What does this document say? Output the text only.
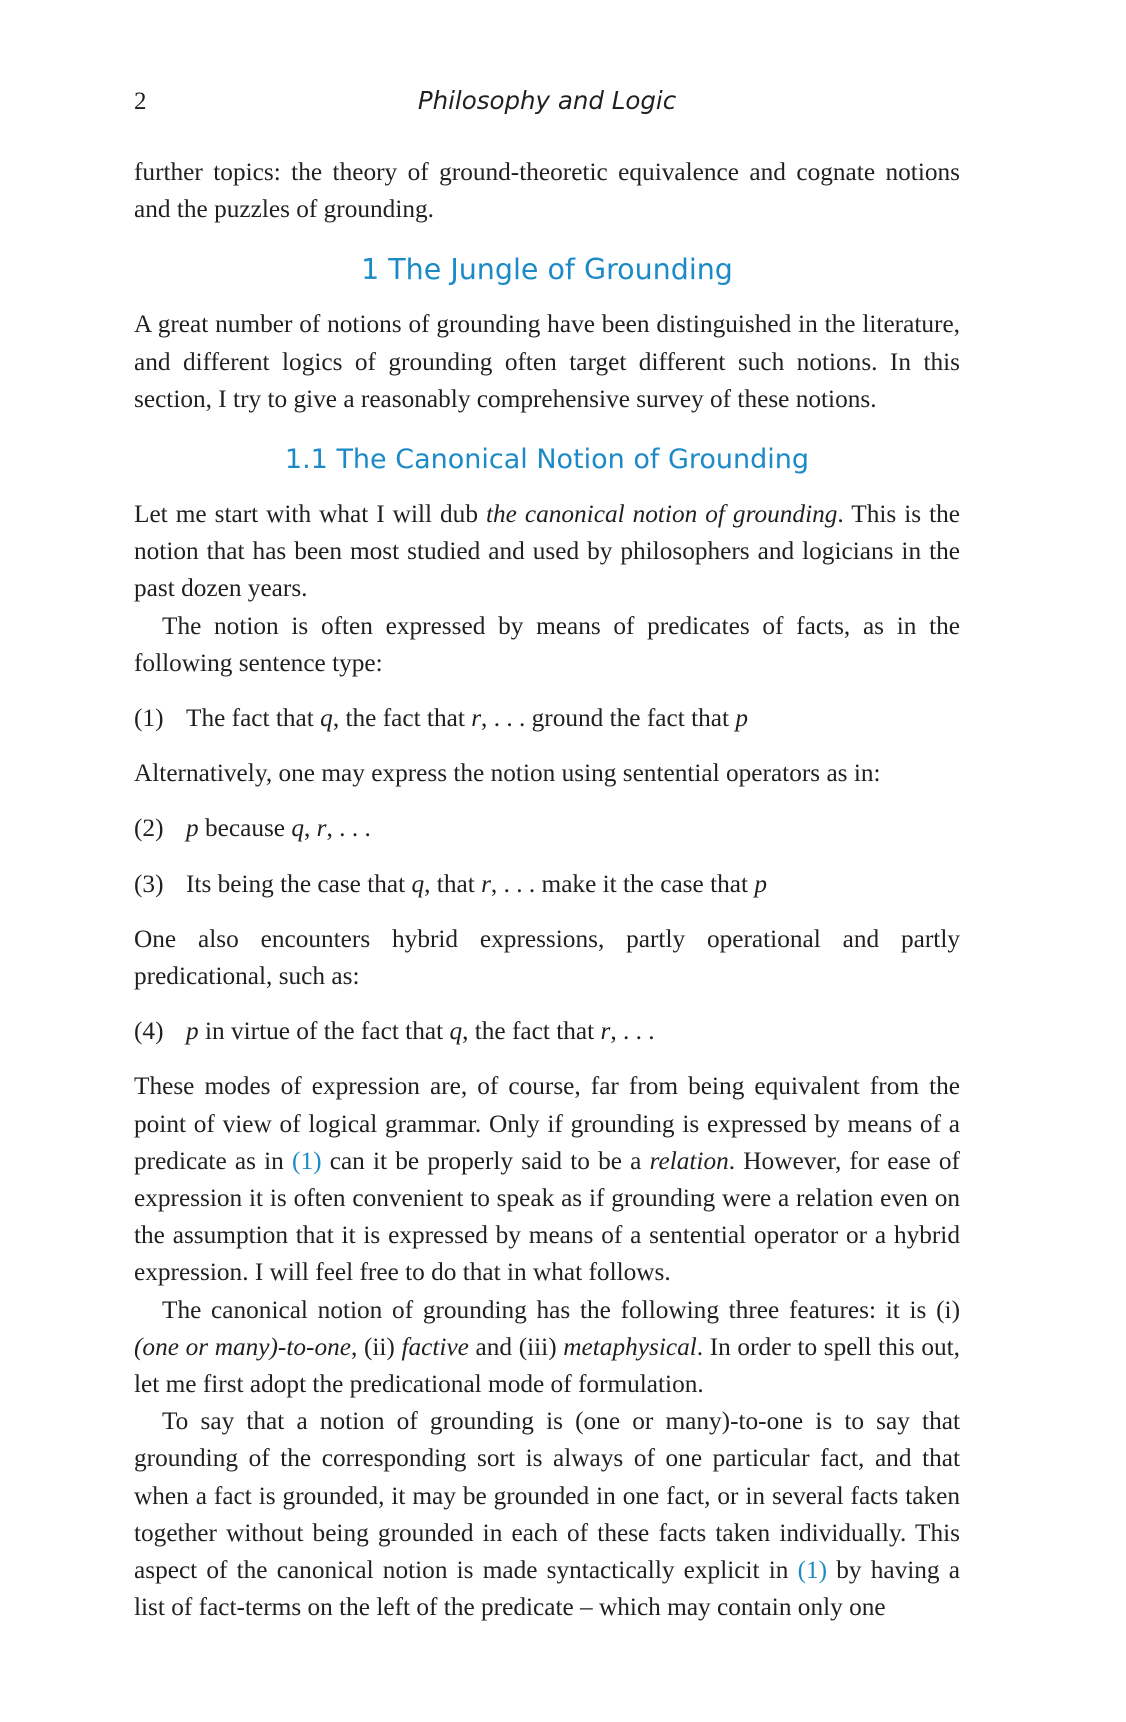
2	Philosophy and Logic

further topics: the theory of ground-theoretic equivalence and cognate notions and the puzzles of grounding.

1 The Jungle of Grounding

A great number of notions of grounding have been distinguished in the literature, and different logics of grounding often target different such notions. In this section, I try to give a reasonably comprehensive survey of these notions.

1.1 The Canonical Notion of Grounding

Let me start with what I will dub the canonical notion of grounding. This is the notion that has been most studied and used by philosophers and logicians in the past dozen years.

The notion is often expressed by means of predicates of facts, as in the following sentence type:

(1) The fact that q, the fact that r, . . . ground the fact that p

Alternatively, one may express the notion using sentential operators as in:

(2) p because q, r, . . .
(3) Its being the case that q, that r, . . . make it the case that p

One also encounters hybrid expressions, partly operational and partly predicational, such as:

(4) p in virtue of the fact that q, the fact that r, . . .

These modes of expression are, of course, far from being equivalent from the point of view of logical grammar. Only if grounding is expressed by means of a predicate as in (1) can it be properly said to be a relation. However, for ease of expression it is often convenient to speak as if grounding were a relation even on the assumption that it is expressed by means of a sentential operator or a hybrid expression. I will feel free to do that in what follows.

The canonical notion of grounding has the following three features: it is (i) (one or many)-to-one, (ii) factive and (iii) metaphysical. In order to spell this out, let me first adopt the predicational mode of formulation.

To say that a notion of grounding is (one or many)-to-one is to say that grounding of the corresponding sort is always of one particular fact, and that when a fact is grounded, it may be grounded in one fact, or in several facts taken together without being grounded in each of these facts taken individually. This aspect of the canonical notion is made syntactically explicit in (1) by having a list of fact-terms on the left of the predicate – which may contain only one
